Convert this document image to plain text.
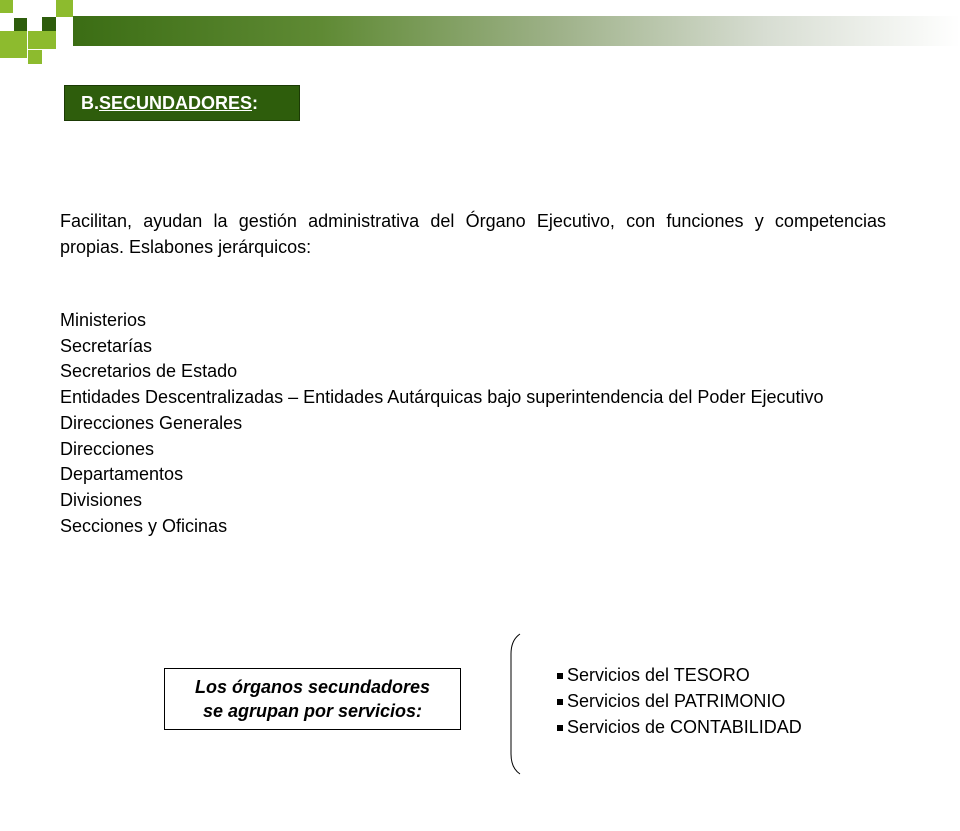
B. SECUNDADORES :

Facilitan, ayudan la gestión administrativa del Órgano Ejecutivo, con funciones y competencias propias. Eslabones jerárquicos:

Ministerios
Secretarías
Secretarios de Estado
Entidades Descentralizadas – Entidades Autárquicas bajo superintendencia del Poder Ejecutivo
Direcciones Generales
Direcciones
Departamentos
Divisiones
Secciones y Oficinas
Los órganos secundadores
se agrupan por servicios:
Servicios del TESORO
Servicios del PATRIMONIO
Servicios de CONTABILIDAD
